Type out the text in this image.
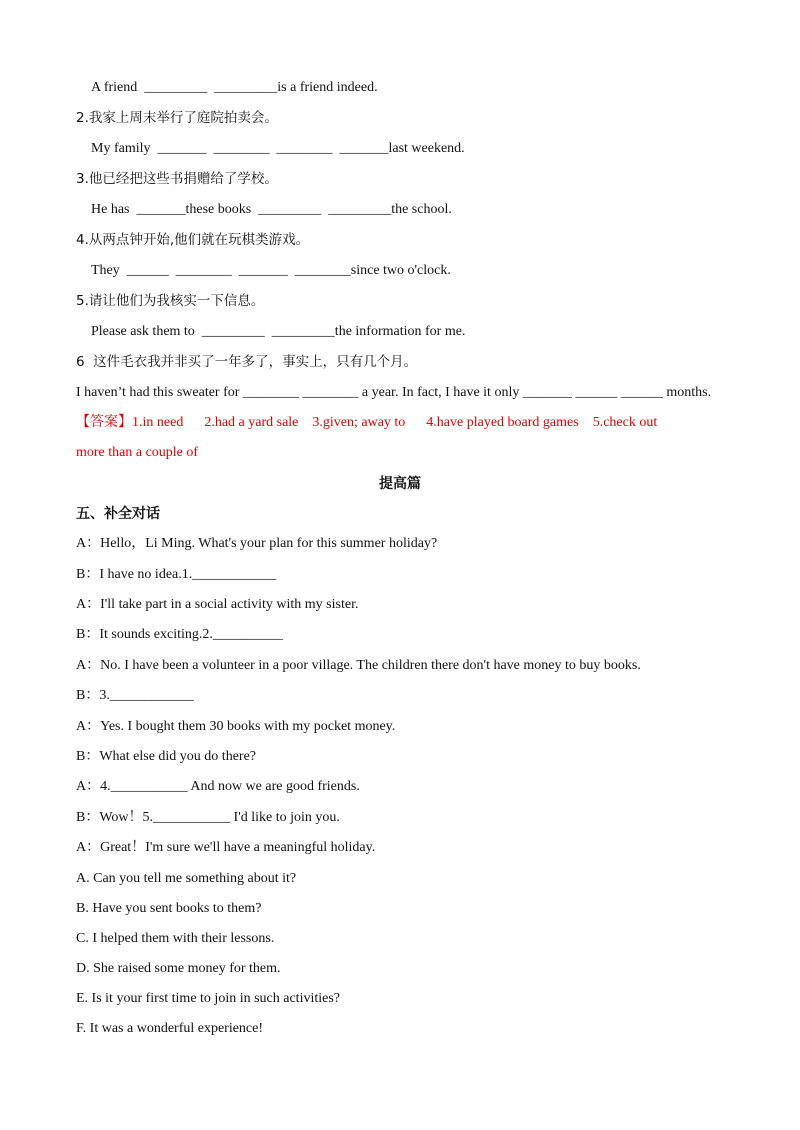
A friend  _________  _________is a friend indeed.
2.我家上周末举行了庭院拍卖会。
My family  _______  ________  ________  _______last weekend.
3.他已经把这些书捐赠给了学校。
He has  _______these books  _________  _________the school.
4.从两点钟开始,他们就在玩棋类游戏。
They  ______  ________  _______  ________since two o'clock.
5.请让他们为我核实一下信息。
Please ask them to  _________  _________the information for me.
6  这件毛衣我并非买了一年多了，事实上，只有几个月。
I haven’t had this sweater for ________ ________ a year. In fact, I have it only _______ ______ ______ months.
【答案】1.in need      2.had a yard sale    3.given; away to      4.have played board games    5.check out
more than a couple of
提高篇
五、补全对话
A：Hello，Li Ming. What's your plan for this summer holiday?
B：I have no idea.1.____________
A：I'll take part in a social activity with my sister.
B：It sounds exciting.2.__________
A：No. I have been a volunteer in a poor village. The children there don't have money to buy books.
B：3.____________
A：Yes. I bought them 30 books with my pocket money.
B：What else did you do there?
A：4.___________ And now we are good friends.
B：Wow！5.___________ I'd like to join you.
A：Great！I'm sure we'll have a meaningful holiday.
A. Can you tell me something about it?
B. Have you sent books to them?
C. I helped them with their lessons.
D. She raised some money for them.
E. Is it your first time to join in such activities?
F. It was a wonderful experience!
